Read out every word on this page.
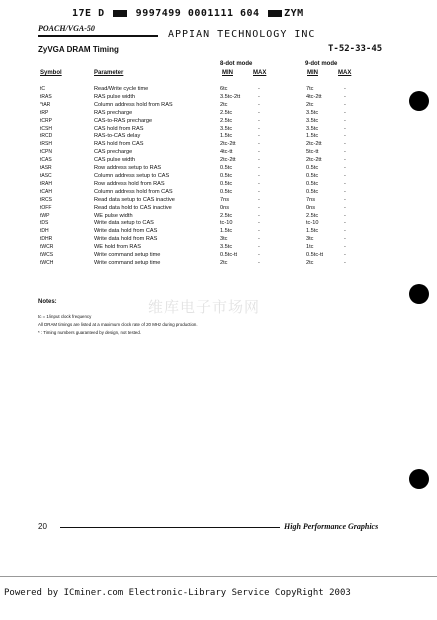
17E D	9997499 0001111 604 ZYM
POACH/VGA-50
APPIAN TECHNOLOGY INC
ZyVGA DRAM Timing	T-52-33-45
8-dot mode	9-dot mode
Symbol	Parameter	MIN	MAX	MIN	MAX
tC	Read/Write cycle time	6tc	-	7tc	-
tRAS	RAS pulse width	3.5tc-2tt	-	4tc-2tt	-
*tAR	Column address hold from RAS	2tc	-	2tc	-
tRP	RAS precharge	2.5tc	-	3.5tc	-
tCRP	CAS-to-RAS precharge	2.5tc	-	3.5tc	-
tCSH	CAS hold from RAS	3.5tc	-	3.5tc	-
tRCD	RAS-to-CAS delay	1.5tc	-	1.5tc	-
tRSH	RAS hold from CAS	2tc-2tt	-	2tc-2tt	-
tCPN	CAS precharge	4tc-tt	-	5tc-tt	-
tCAS	CAS pulse width	2tc-2tt	-	2tc-2tt	-
tASR	Row address setup to RAS	0.5tc	-	0.5tc	-
tASC	Column address setup to CAS	0.5tc	-	0.5tc	-
tRAH	Row address hold from RAS	0.5tc	-	0.5tc	-
tCAH	Column address hold from CAS	0.5tc	-	0.5tc	-
tRCS	Read data setup to CAS inactive	7ns	-	7ns	-
tOFF	Read data hold to CAS inactive	0ns	-	0ns	-
tWP	WE pulse width	2.5tc	-	2.5tc	-
tDS	Write data setup to CAS	tc-10	-	tc-10	-
tDH	Write data hold from CAS	1.5tc	-	1.5tc	-
tDHR	Write data hold from RAS	3tc	-	3tc	-
tWCR	WE hold from RAS	3.5tc	-	1tc	-
tWCS	Write command setup time	0.5tc-tt	-	0.5tc-tt	-
tWCH	Write command setup time	2tc	-	2tc	-
维库电子市场网
Notes:
tc = 1/input clock frequency
All DRAM timings are listed at a maximum clock rate of 20 MHz during production.
* : Timing numbers guaranteed by design, not tested.
20	High Performance Graphics
Powered by ICminer.com Electronic-Library Service CopyRight 2003
